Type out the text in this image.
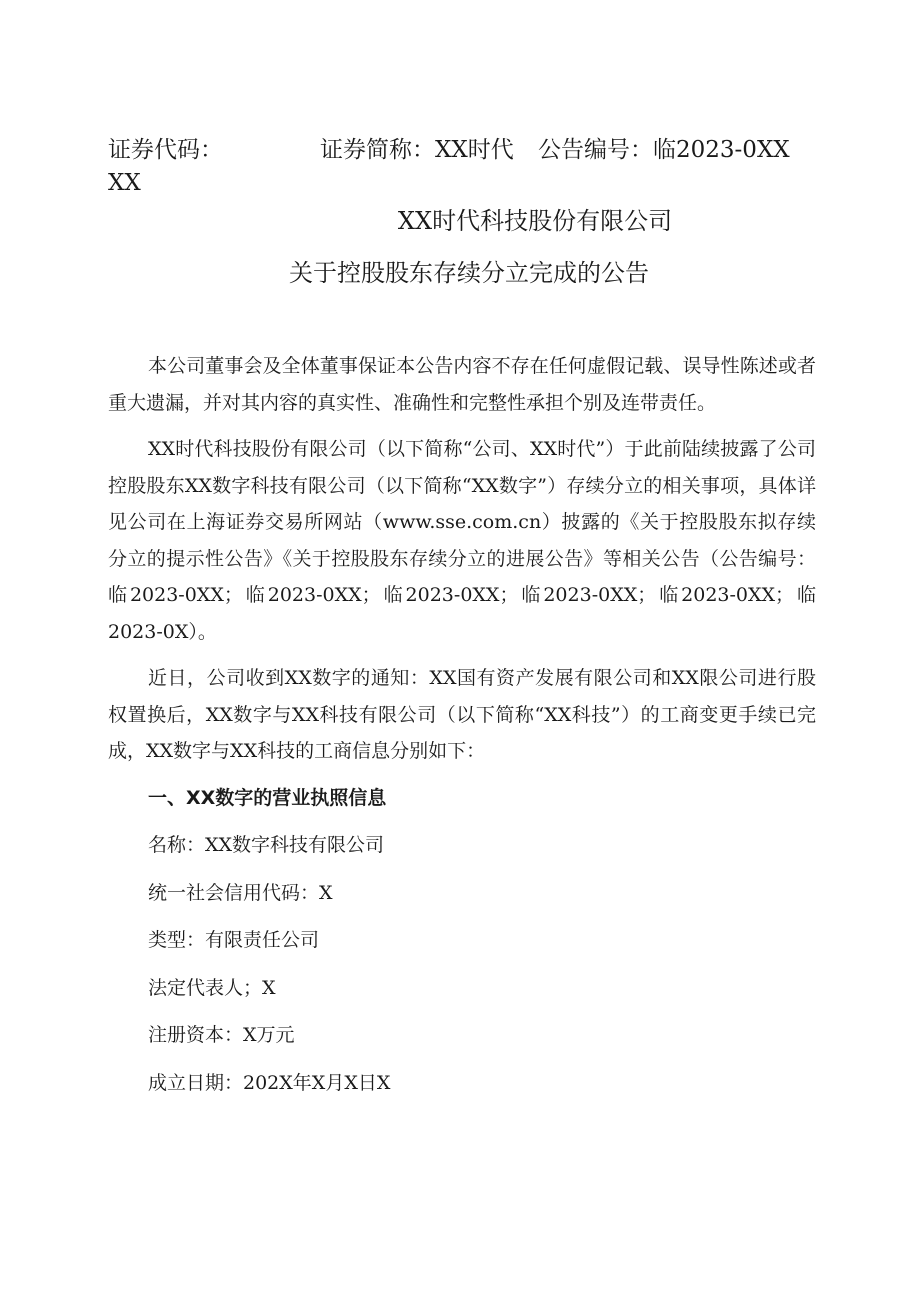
证券代码：	证券简称：XX时代 公告编号：临2023-0XX
XX
XX时代科技股份有限公司
关于控股股东存续分立完成的公告

本公司董事会及全体董事保证本公告内容不存在任何虚假记载、误导性陈述或者重大遗漏，并对其内容的真实性、准确性和完整性承担个别及连带责任。

XX时代科技股份有限公司（以下简称“公司、XX时代”）于此前陆续披露了公司控股股东XX数字科技有限公司（以下简称“XX数字”）存续分立的相关事项，具体详见公司在上海证券交易所网站（www.sse.com.cn）披露的《关于控股股东拟存续分立的提示性公告》《关于控股股东存续分立的进展公告》等相关公告（公告编号：临2023-0XX；临2023-0XX；临2023-0XX；临2023-0XX；临2023-0XX；临2023-0X）。

近日，公司收到XX数字的通知：XX国有资产发展有限公司和XX限公司进行股权置换后，XX数字与XX科技有限公司（以下简称“XX科技”）的工商变更手续已完成，XX数字与XX科技的工商信息分别如下：

一、XX数字的营业执照信息
名称：XX数字科技有限公司
统一社会信用代码：X
类型：有限责任公司
法定代表人；X
注册资本：X万元
成立日期：202X年X月X日X
